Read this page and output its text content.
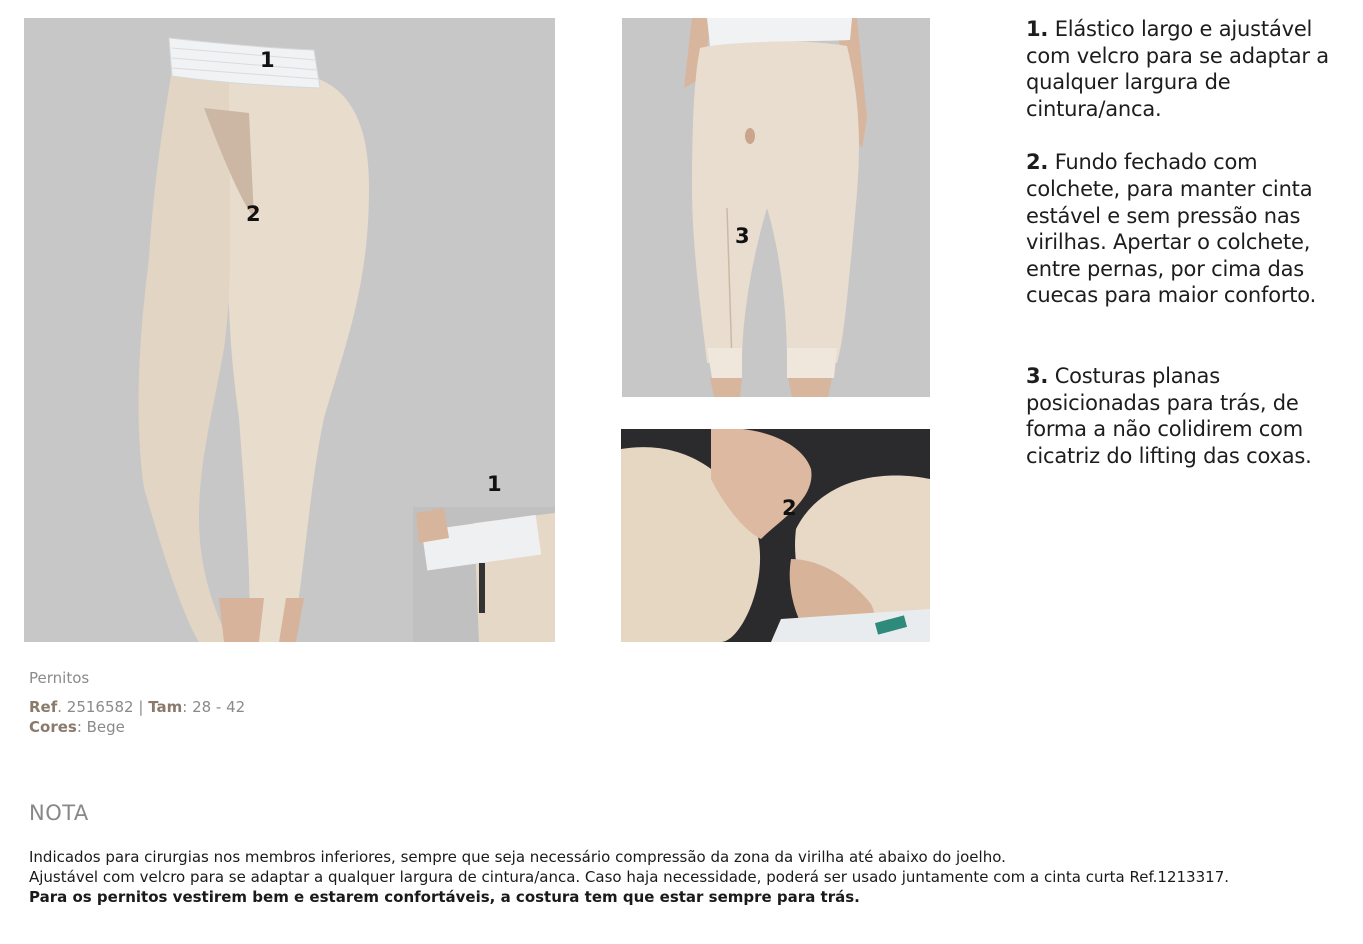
1
2
1
3
2

1. Elástico largo e ajustável com velcro para se adaptar a qualquer largura de cintura/anca.

2. Fundo fechado com colchete, para manter cinta estável e sem pressão nas virilhas. Apertar o colchete, entre pernas, por cima das cuecas para maior conforto.

3. Costuras planas posicionadas para trás, de forma a não colidirem com cicatriz do lifting das coxas.

Pernitos
Ref. 2516582 | Tam: 28 - 42
Cores: Bege
NOTA
Indicados para cirurgias nos membros inferiores, sempre que seja necessário compressão da zona da virilha até abaixo do joelho.
Ajustável com velcro para se adaptar a qualquer largura de cintura/anca. Caso haja necessidade, poderá ser usado juntamente com a cinta curta Ref.1213317.
Para os pernitos vestirem bem e estarem confortáveis, a costura tem que estar sempre para trás.
